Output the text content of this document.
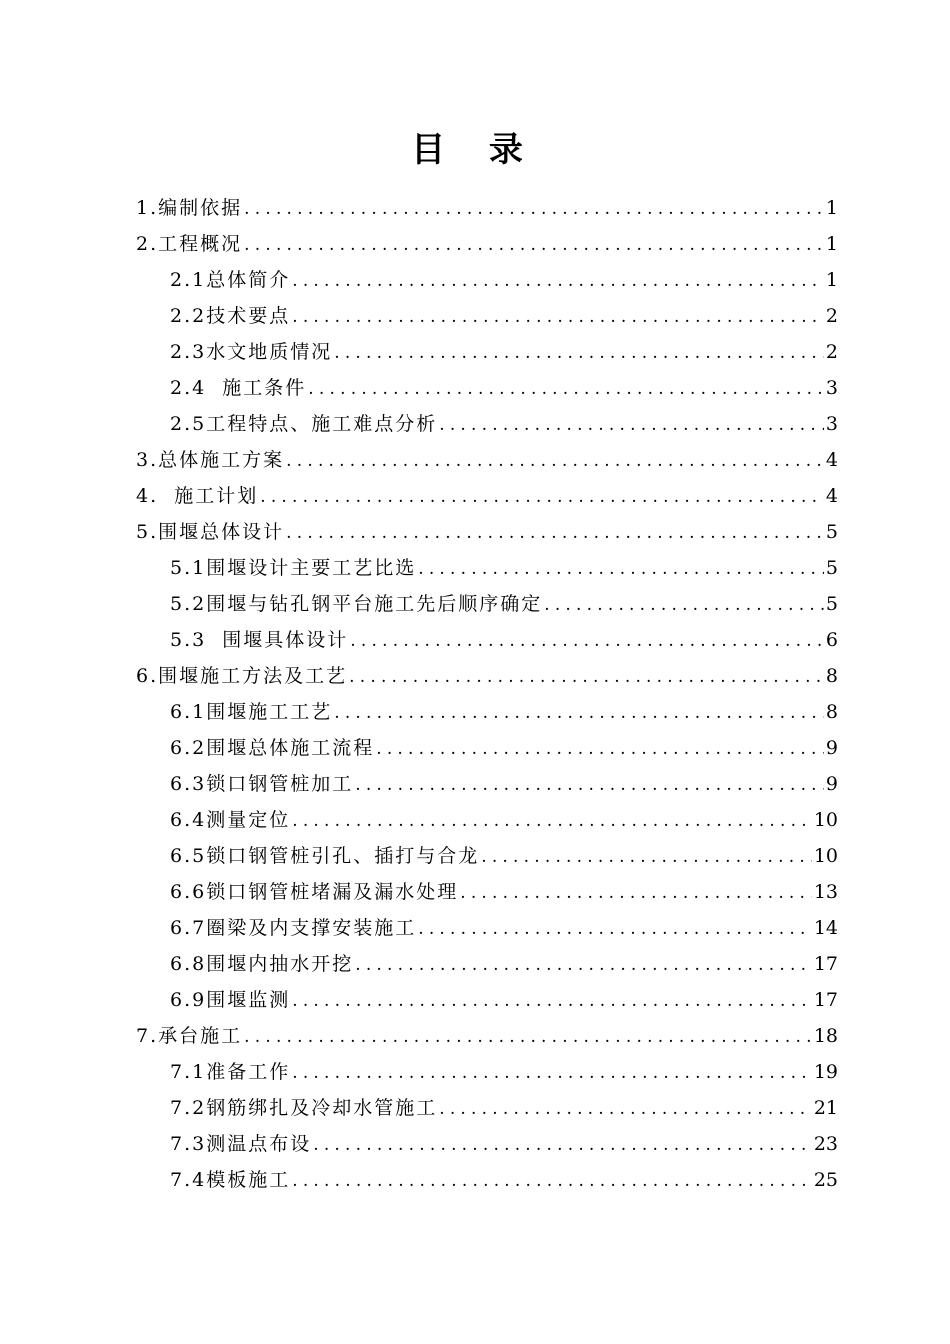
目 录
1.编制依据 .....	1
2.工程概况 .....	1
2.1总体简介 .....	1
2.2技术要点 .....	2
2.3水文地质情况 .....	2
2.4  施工条件 .....	3
2.5工程特点、施工难点分析 .....	3
3.总体施工方案 .....	4
4.  施工计划 .....	4
5.围堰总体设计 .....	5
5.1围堰设计主要工艺比选 .....	5
5.2围堰与钻孔钢平台施工先后顺序确定 .....	5
5.3  围堰具体设计 .....	6
6.围堰施工方法及工艺 .....	8
6.1围堰施工工艺 .....	8
6.2围堰总体施工流程 .....	9
6.3锁口钢管桩加工 .....	9
6.4测量定位 .....	10
6.5锁口钢管桩引孔、插打与合龙 .....	10
6.6锁口钢管桩堵漏及漏水处理 .....	13
6.7圈梁及内支撑安装施工 .....	14
6.8围堰内抽水开挖 .....	17
6.9围堰监测 .....	17
7.承台施工 .....	18
7.1准备工作 .....	19
7.2钢筋绑扎及冷却水管施工 .....	21
7.3测温点布设 .....	23
7.4模板施工 .....	25
